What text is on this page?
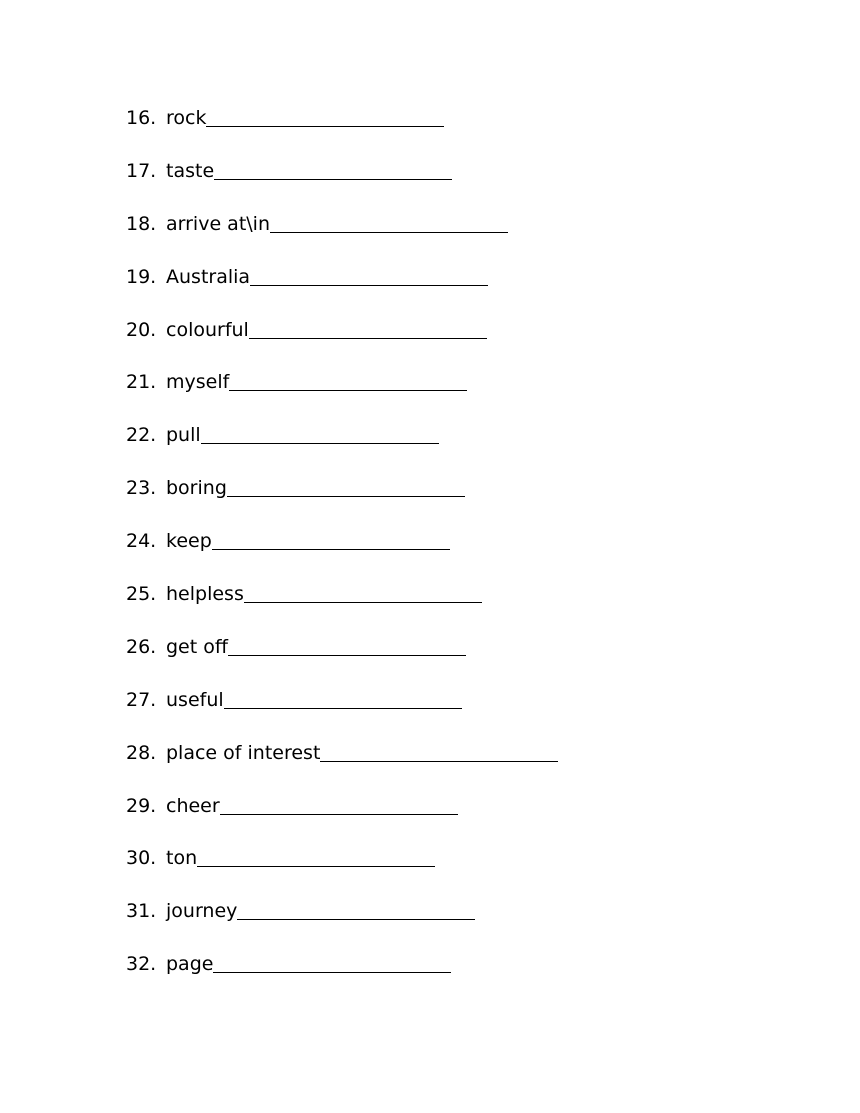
16. rock
17. taste
18. arrive at\in
19. Australia
20. colourful
21. myself
22. pull
23. boring
24. keep
25. helpless
26. get off
27. useful
28. place of interest
29. cheer
30. ton
31. journey
32. page
